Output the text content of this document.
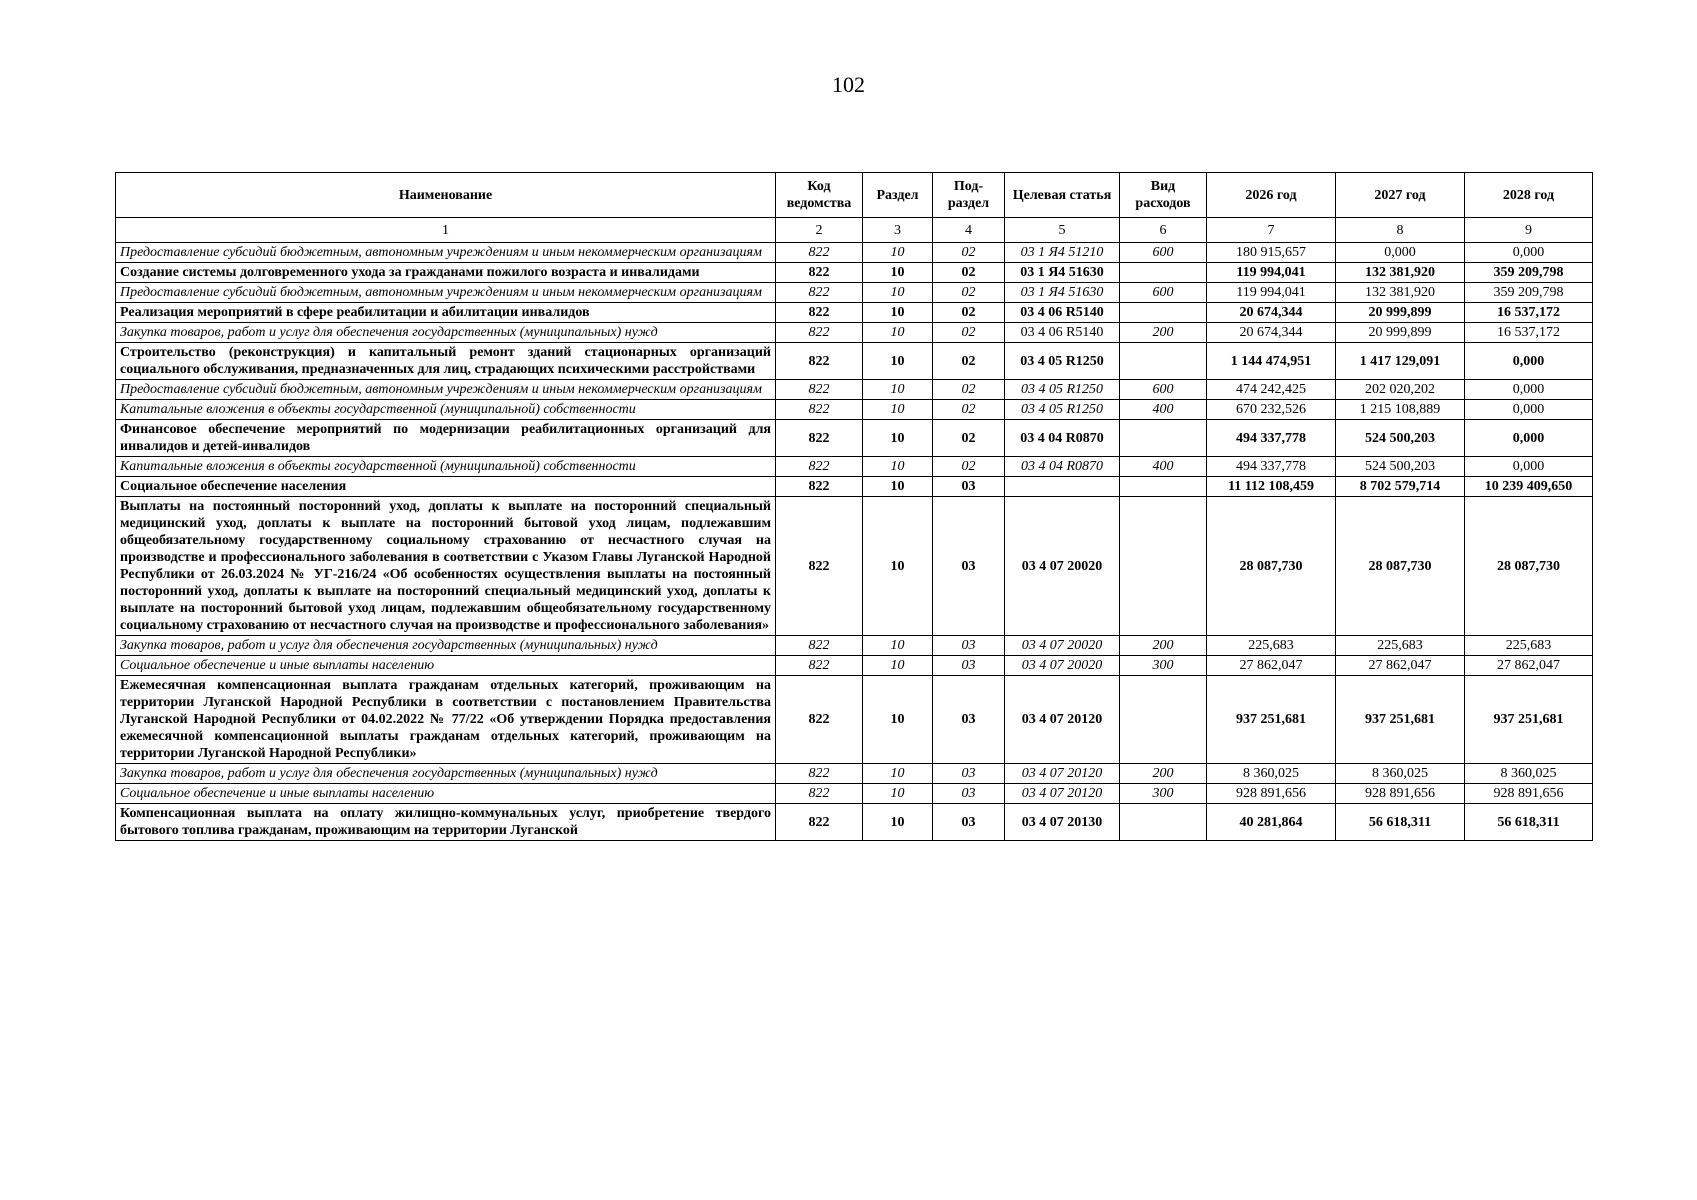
102
Наименование	Код ведомства	Раздел	Под-раздел	Целевая статья	Вид расходов	2026 год	2027 год	2028 год
1	2	3	4	5	6	7	8	9
Предоставление субсидий бюджетным, автономным учреждениям и иным некоммерческим организациям	822	10	02	03 1 Я4 51210	600	180 915,657	0,000	0,000
Создание системы долговременного ухода за гражданами пожилого возраста и инвалидами	822	10	02	03 1 Я4 51630		119 994,041	132 381,920	359 209,798
Предоставление субсидий бюджетным, автономным учреждениям и иным некоммерческим организациям	822	10	02	03 1 Я4 51630	600	119 994,041	132 381,920	359 209,798
Реализация мероприятий в сфере реабилитации и абилитации инвалидов	822	10	02	03 4 06 R5140		20 674,344	20 999,899	16 537,172
Закупка товаров, работ и услуг для обеспечения государственных (муниципальных) нужд	822	10	02	03 4 06 R5140	200	20 674,344	20 999,899	16 537,172
Строительство (реконструкция) и капитальный ремонт зданий стационарных организаций социального обслуживания, предназначенных для лиц, страдающих психическими расстройствами	822	10	02	03 4 05 R1250		1 144 474,951	1 417 129,091	0,000
Предоставление субсидий бюджетным, автономным учреждениям и иным некоммерческим организациям	822	10	02	03 4 05 R1250	600	474 242,425	202 020,202	0,000
Капитальные вложения в объекты государственной (муниципальной) собственности	822	10	02	03 4 05 R1250	400	670 232,526	1 215 108,889	0,000
Финансовое обеспечение мероприятий по модернизации реабилитационных организаций для инвалидов и детей-инвалидов	822	10	02	03 4 04 R0870		494 337,778	524 500,203	0,000
Капитальные вложения в объекты государственной (муниципальной) собственности	822	10	02	03 4 04 R0870	400	494 337,778	524 500,203	0,000
Социальное обеспечение населения	822	10	03			11 112 108,459	8 702 579,714	10 239 409,650
Выплаты на постоянный посторонний уход, доплаты к выплате на посторонний специальный медицинский уход, доплаты к выплате на посторонний бытовой уход лицам, подлежавшим общеобязательному государственному социальному страхованию от несчастного случая на производстве и профессионального заболевания в соответствии с Указом Главы Луганской Народной Республики от 26.03.2024 № УГ-216/24 «Об особенностях осуществления выплаты на постоянный посторонний уход, доплаты к выплате на посторонний специальный медицинский уход, доплаты к выплате на посторонний бытовой уход лицам, подлежавшим общеобязательному государственному социальному страхованию от несчастного случая на производстве и профессионального заболевания»	822	10	03	03 4 07 20020		28 087,730	28 087,730	28 087,730
Закупка товаров, работ и услуг для обеспечения государственных (муниципальных) нужд	822	10	03	03 4 07 20020	200	225,683	225,683	225,683
Социальное обеспечение и иные выплаты населению	822	10	03	03 4 07 20020	300	27 862,047	27 862,047	27 862,047
Ежемесячная компенсационная выплата гражданам отдельных категорий, проживающим на территории Луганской Народной Республики в соответствии с постановлением Правительства Луганской Народной Республики от 04.02.2022 № 77/22 «Об утверждении Порядка предоставления ежемесячной компенсационной выплаты гражданам отдельных категорий, проживающим на территории Луганской Народной Республики»	822	10	03	03 4 07 20120		937 251,681	937 251,681	937 251,681
Закупка товаров, работ и услуг для обеспечения государственных (муниципальных) нужд	822	10	03	03 4 07 20120	200	8 360,025	8 360,025	8 360,025
Социальное обеспечение и иные выплаты населению	822	10	03	03 4 07 20120	300	928 891,656	928 891,656	928 891,656
Компенсационная выплата на оплату жилищно-коммунальных услуг, приобретение твердого бытового топлива гражданам, проживающим на территории Луганской	822	10	03	03 4 07 20130		40 281,864	56 618,311	56 618,311
